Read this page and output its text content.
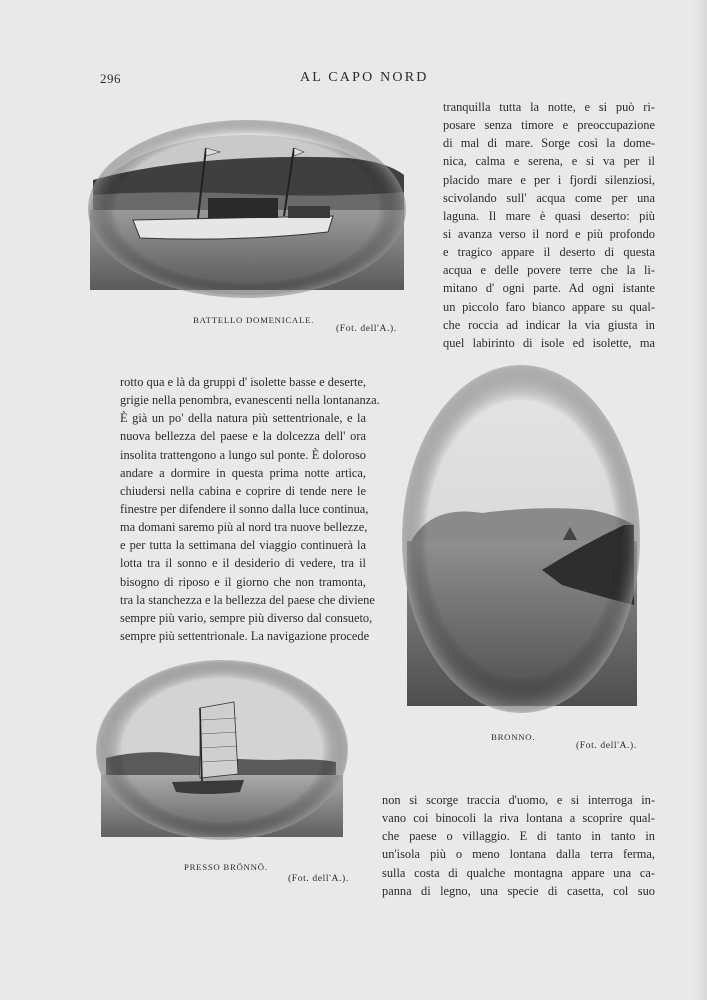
296	AL CAPO NORD
BATTELLO DOMENICALE.
(Fot. dell'A.).
BRONNO.
(Fot. dell'A.).
PRESSO BRÖNNÖ.
(Fot. dell'A.).
tranquilla tutta la notte, e si può ri-
posare senza timore e preoccupazione
di mal di mare. Sorge così la dome-
nica, calma e serena, e si va per il
placido mare e per i fjordi silenziosi,
scivolando sull' acqua come per una
laguna. Il mare è quasi deserto: più
si avanza verso il nord e più profondo
e tragico appare il deserto di questa
acqua e delle povere terre che la li-
mitano d' ogni parte. Ad ogni istante
un piccolo faro bianco appare su qual-
che roccia ad indicar la via giusta in
quel labirinto di isole ed isolette, ma
rotto qua e là da gruppi d' isolette basse e deserte,
grigie nella penombra, evanescenti nella lontananza.
È già un po' della natura più settentrionale, e la
nuova bellezza del paese e la dolcezza dell' ora
insolita trattengono a lungo sul ponte. È doloroso
andare a dormire in questa prima notte artica,
chiudersi nella cabina e coprire di tende nere le
finestre per difendere il sonno dalla luce continua,
ma domani saremo più al nord tra nuove bellezze,
e per tutta la settimana del viaggio continuerà la
lotta tra il sonno e il desiderio di vedere, tra il
bisogno di riposo e il giorno che non tramonta,
tra la stanchezza e la bellezza del paese che diviene
sempre più vario, sempre più diverso dal consueto,
sempre più settentrionale. La navigazione procede
non si scorge traccia d'uomo, e si interroga in-
vano coi binocoli la riva lontana a scoprire qual-
che paese o villaggio. E di tanto in tanto in
un'isola più o meno lontana dalla terra ferma,
sulla costa di qualche montagna appare una ca-
panna di legno, una specie di casetta, col suo
